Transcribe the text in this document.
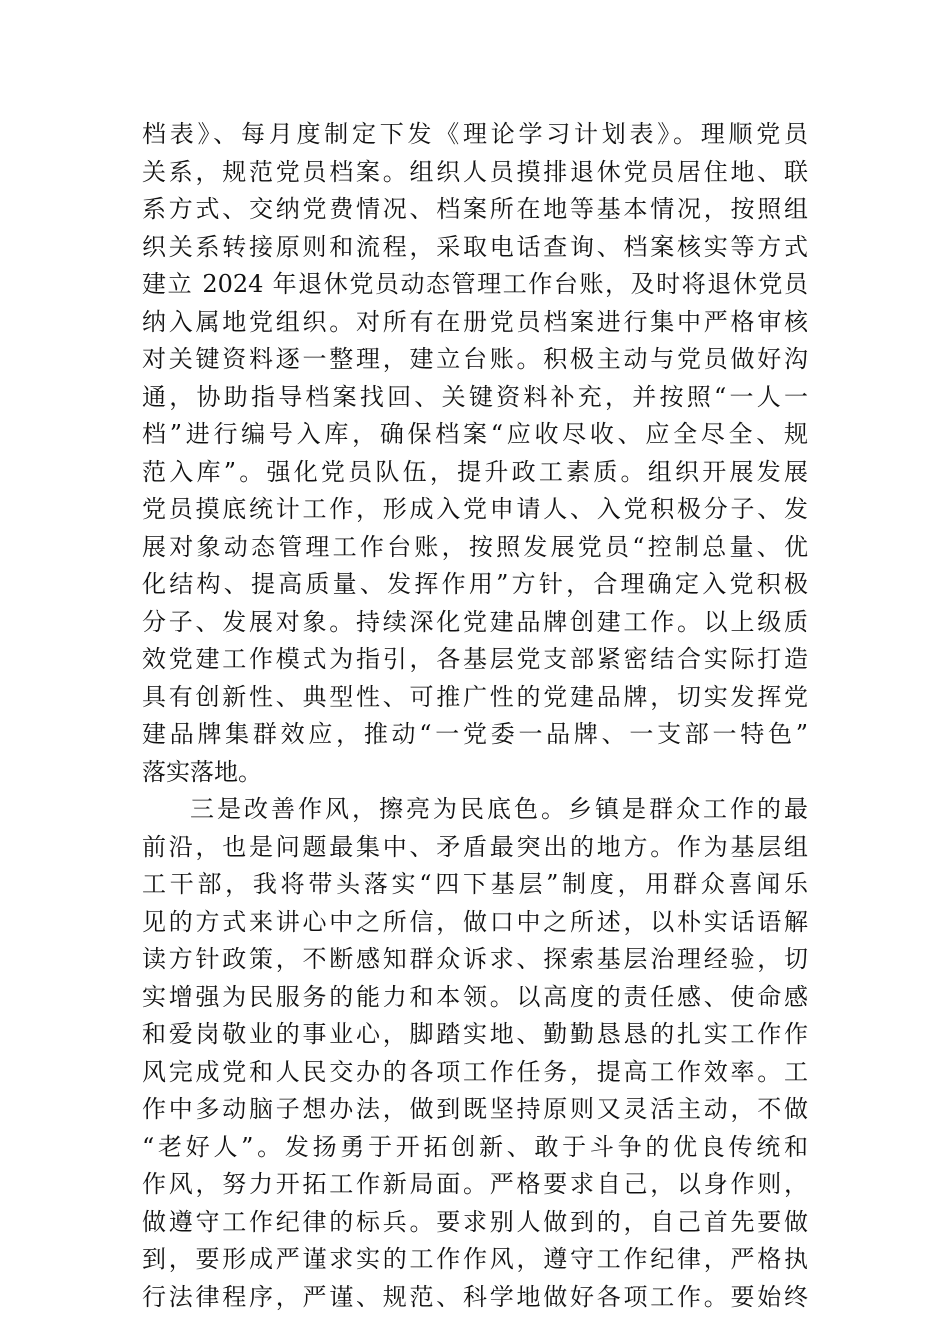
档表》、每月度制定下发《理论学习计划表》。理顺党员
关系，规范党员档案。组织人员摸排退休党员居住地、联
系方式、交纳党费情况、档案所在地等基本情况，按照组
织关系转接原则和流程，采取电话查询、档案核实等方式
建立 2024 年退休党员动态管理工作台账，及时将退休党员
纳入属地党组织。对所有在册党员档案进行集中严格审核
对关键资料逐一整理，建立台账。积极主动与党员做好沟
通，协助指导档案找回、关键资料补充，并按照“一人一
档”进行编号入库，确保档案“应收尽收、应全尽全、规
范入库”。强化党员队伍，提升政工素质。组织开展发展
党员摸底统计工作，形成入党申请人、入党积极分子、发
展对象动态管理工作台账，按照发展党员“控制总量、优
化结构、提高质量、发挥作用”方针，合理确定入党积极
分子、发展对象。持续深化党建品牌创建工作。以上级质
效党建工作模式为指引，各基层党支部紧密结合实际打造
具有创新性、典型性、可推广性的党建品牌，切实发挥党
建品牌集群效应，推动“一党委一品牌、一支部一特色”
落实落地。
三是改善作风，擦亮为民底色。乡镇是群众工作的最
前沿，也是问题最集中、矛盾最突出的地方。作为基层组
工干部，我将带头落实“四下基层”制度，用群众喜闻乐
见的方式来讲心中之所信，做口中之所述，以朴实话语解
读方针政策，不断感知群众诉求、探索基层治理经验，切
实增强为民服务的能力和本领。以高度的责任感、使命感
和爱岗敬业的事业心，脚踏实地、勤勤恳恳的扎实工作作
风完成党和人民交办的各项工作任务，提高工作效率。工
作中多动脑子想办法，做到既坚持原则又灵活主动，不做
“老好人”。发扬勇于开拓创新、敢于斗争的优良传统和
作风，努力开拓工作新局面。严格要求自己，以身作则，
做遵守工作纪律的标兵。要求别人做到的，自己首先要做
到，要形成严谨求实的工作作风，遵守工作纪律，严格执
行法律程序，严谨、规范、科学地做好各项工作。要始终
